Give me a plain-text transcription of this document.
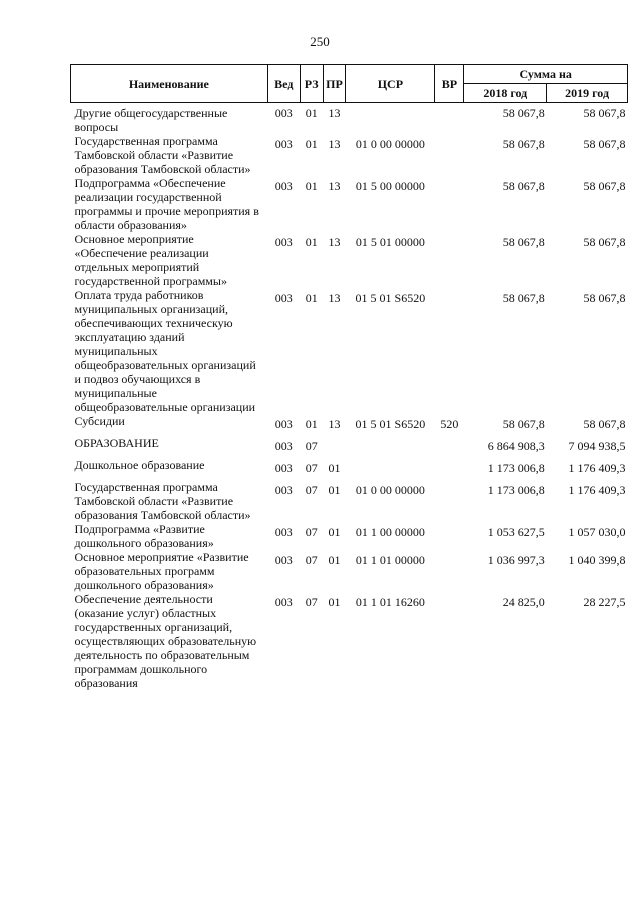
250
Наименование	Вед	РЗ	ПР	ЦСР	ВР	Сумма на	
						2018 год	2019 год
Другие общегосударственные вопросы	003	01	13			58 067,8	58 067,8
Государственная программа Тамбовской области «Развитие образования Тамбовской области»	003	01	13	01 0 00 00000		58 067,8	58 067,8
Подпрограмма «Обеспечение реализации государственной программы и прочие мероприятия в области образования»	003	01	13	01 5 00 00000		58 067,8	58 067,8
Основное мероприятие «Обеспечение реализации отдельных мероприятий государственной программы»	003	01	13	01 5 01 00000		58 067,8	58 067,8
Оплата труда работников муниципальных организаций, обеспечивающих техническую эксплуатацию зданий муниципальных общеобразовательных организаций и подвоз обучающихся в муниципальные общеобразовательные организации	003	01	13	01 5 01 S6520		58 067,8	58 067,8
Субсидии	003	01	13	01 5 01 S6520	520	58 067,8	58 067,8
ОБРАЗОВАНИЕ	003	07				6 864 908,3	7 094 938,5
Дошкольное образование	003	07	01			1 173 006,8	1 176 409,3
Государственная программа Тамбовской области «Развитие образования Тамбовской области»	003	07	01	01 0 00 00000		1 173 006,8	1 176 409,3
Подпрограмма «Развитие дошкольного образования»	003	07	01	01 1 00 00000		1 053 627,5	1 057 030,0
Основное мероприятие «Развитие образовательных программ дошкольного образования»	003	07	01	01 1 01 00000		1 036 997,3	1 040 399,8
Обеспечение деятельности (оказание услуг) областных государственных организаций, осуществляющих образовательную деятельность по образовательным программам дошкольного образования	003	07	01	01 1 01 16260		24 825,0	28 227,5
